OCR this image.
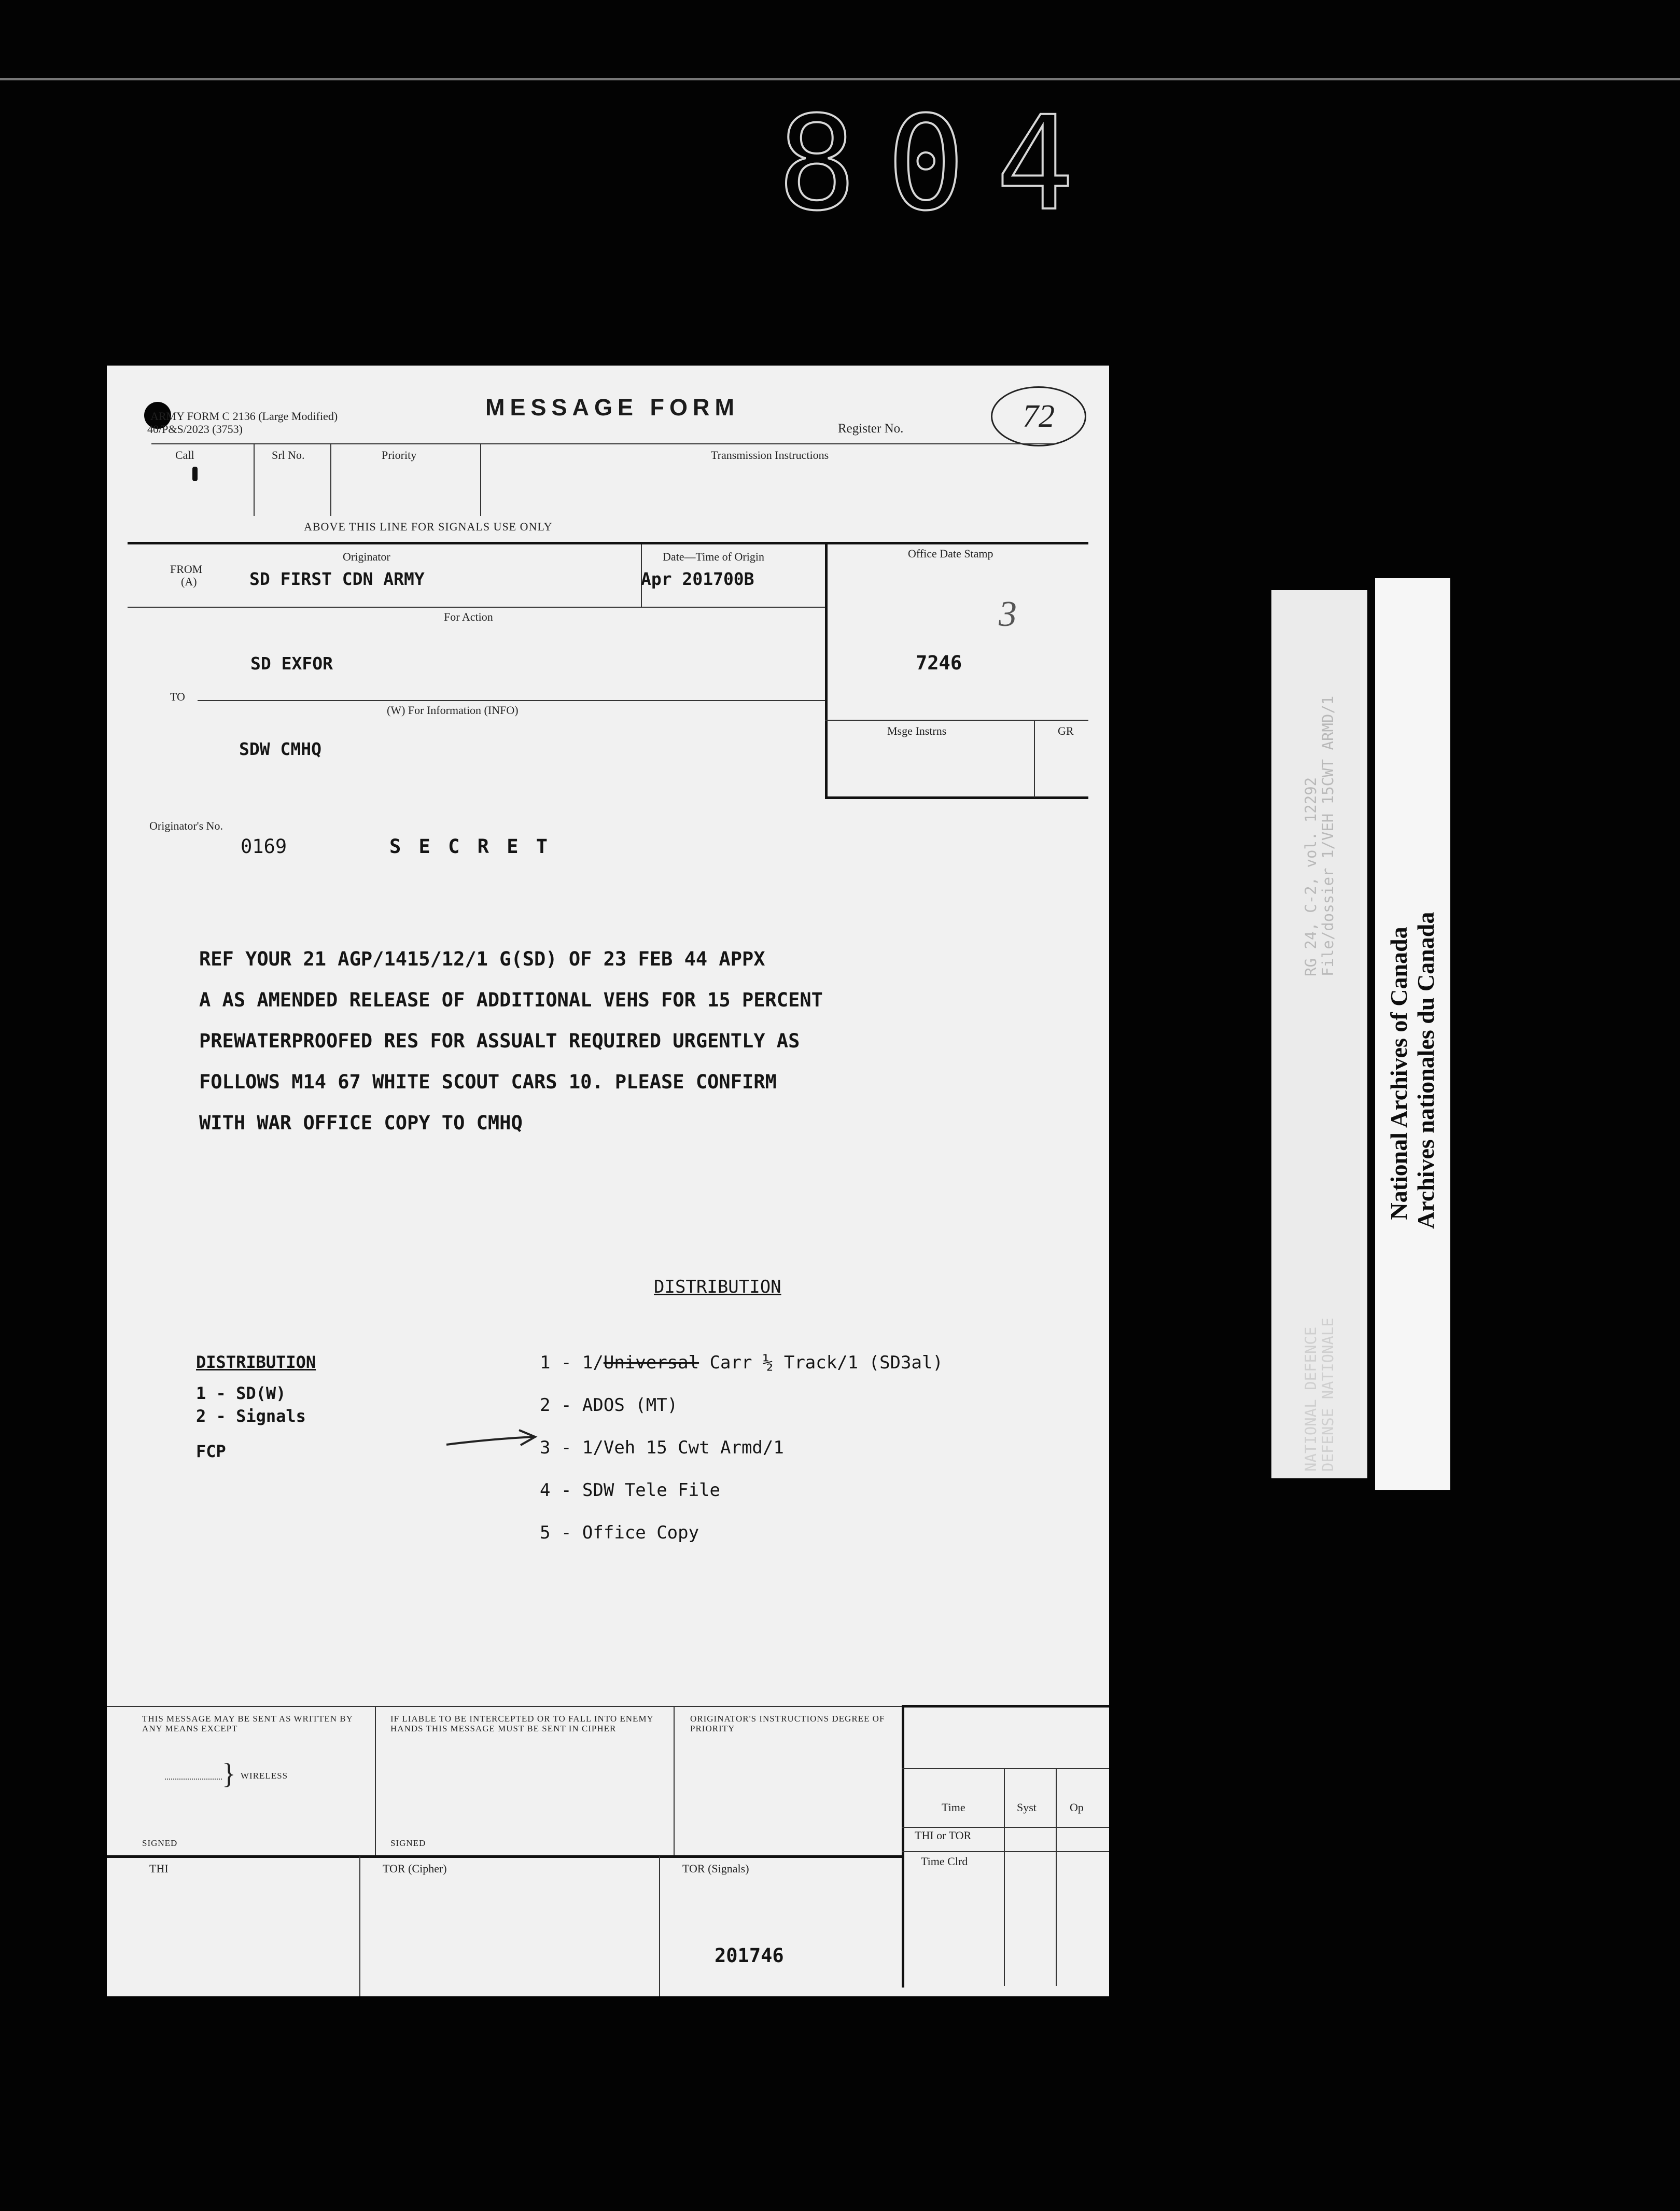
804
ARMY FORM C 2136 (Large Modified)
40/P&S/2023 (3753)
MESSAGE FORM
Register No.	72
Call	Srl No.	Priority	Transmission Instructions
ABOVE THIS LINE FOR SIGNALS USE ONLY
Originator	Date—Time of Origin
FROM
(A)	SD FIRST CDN ARMY	Apr 201700B
Office Date Stamp
3
7246
Msge Instrns	GR
For Action
SD EXFOR
TO
(W) For Information (INFO)
SDW CMHQ
Originator's No.
0169	S E C R E T
REF YOUR 21 AGP/1415/12/1 G(SD) OF 23 FEB 44 APPX
A AS AMENDED RELEASE OF ADDITIONAL VEHS FOR 15 PERCENT
PREWATERPROOFED RES FOR ASSUALT REQUIRED URGENTLY AS
FOLLOWS M14 67 WHITE SCOUT CARS 10. PLEASE CONFIRM
WITH WAR OFFICE COPY TO CMHQ
DISTRIBUTION
1 - 1/Universal Carr ½ Track/1 (SD3al)
2 - ADOS (MT)
3 - 1/Veh 15 Cwt Armd/1
4 - SDW Tele File
5 - Office Copy
DISTRIBUTION
1 - SD(W)
2 - Signals
FCP
THIS MESSAGE MAY BE SENT AS WRITTEN BY ANY MEANS EXCEPT
} WIRELESS
SIGNED
IF LIABLE TO BE INTERCEPTED OR TO FALL INTO ENEMY HANDS THIS MESSAGE MUST BE SENT IN CIPHER
SIGNED
ORIGINATOR'S INSTRUCTIONS DEGREE OF PRIORITY
Time	Syst	Op
THI or TOR
Time Clrd
THI	TOR (Cipher)	TOR (Signals)
201746
RG 24, C-2, vol. 12292 File/dossier 1/VEH 15CWT ARMD/1
NATIONAL DEFENCE DEFENSE NATIONALE
National Archives of Canada Archives nationales du Canada
